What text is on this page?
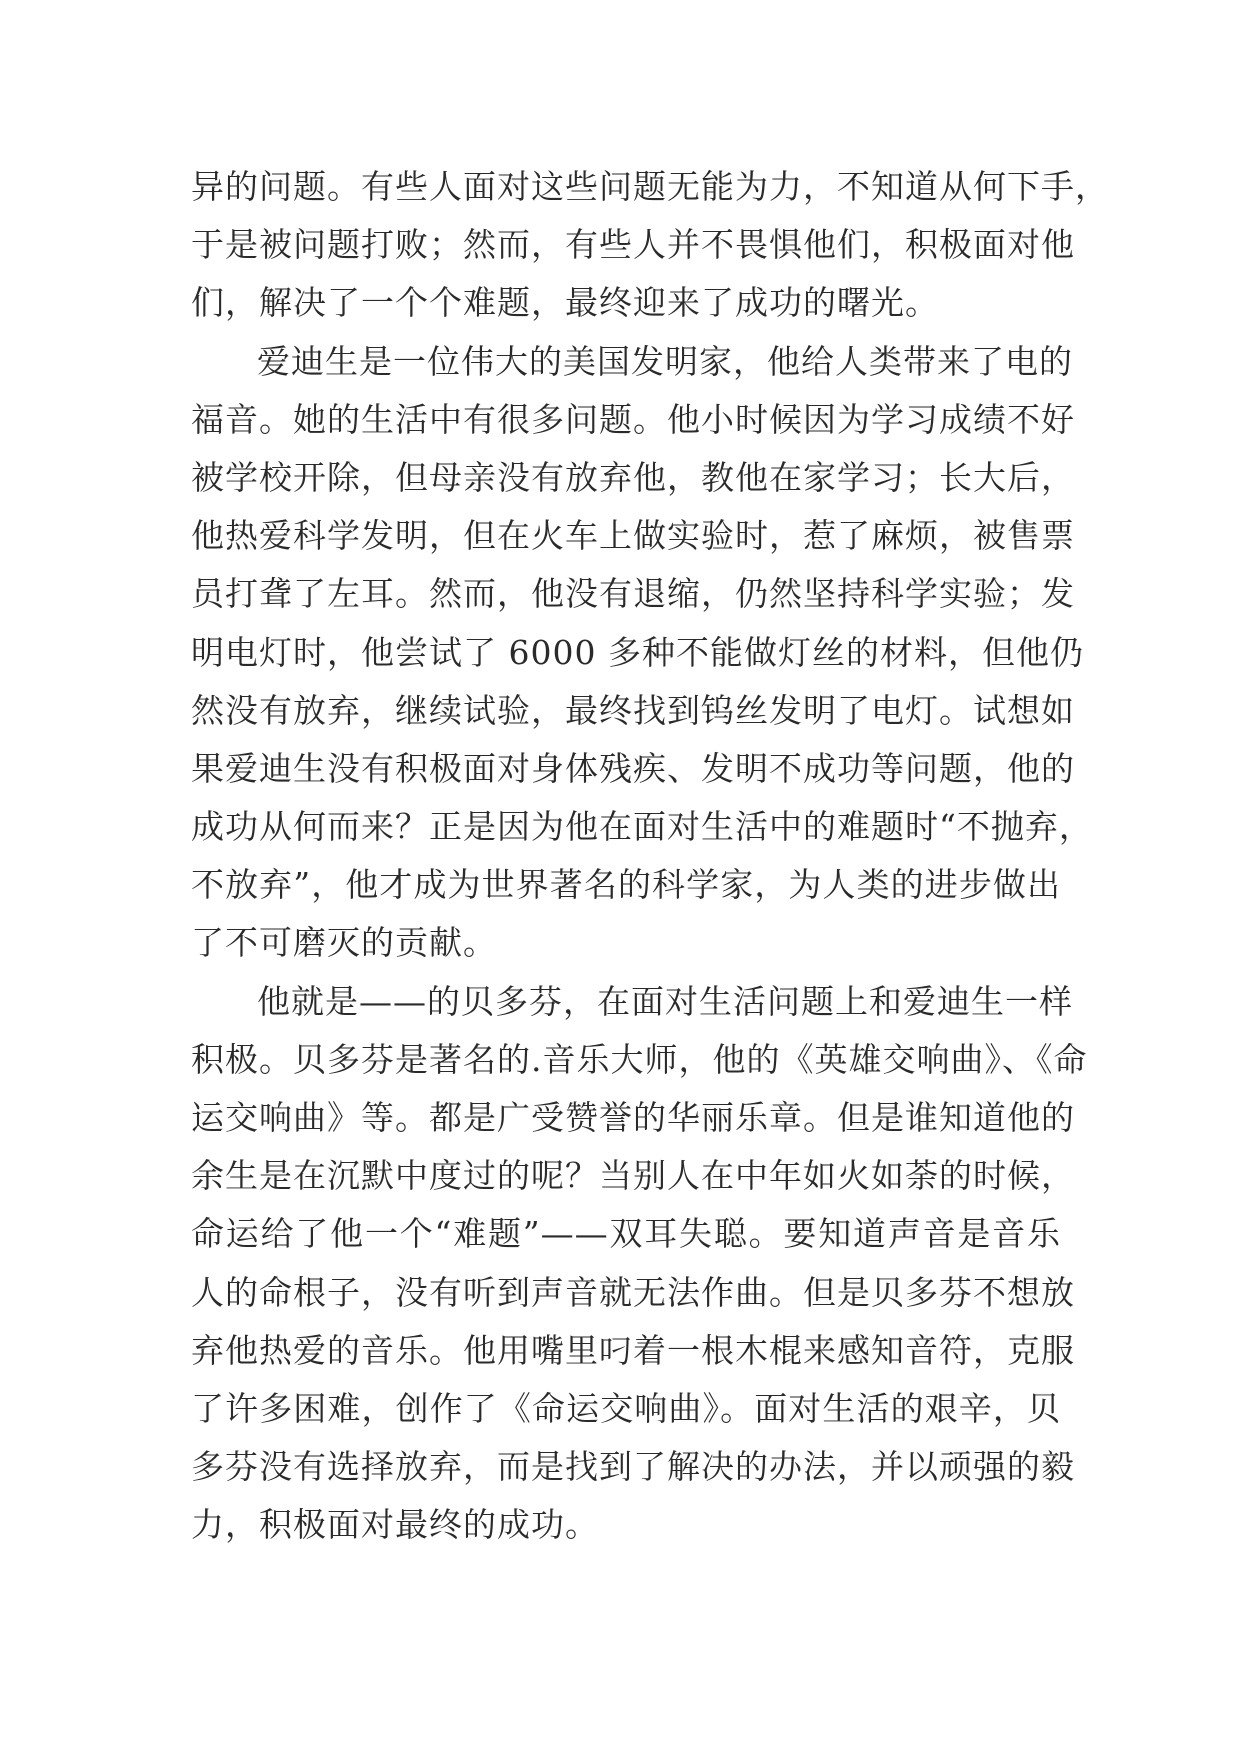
异的问题。有些人面对这些问题无能为力，不知道从何下手，
于是被问题打败；然而，有些人并不畏惧他们，积极面对他
们，解决了一个个难题，最终迎来了成功的曙光。
爱迪生是一位伟大的美国发明家，他给人类带来了电的
福音。她的生活中有很多问题。他小时候因为学习成绩不好
被学校开除，但母亲没有放弃他，教他在家学习；长大后，
他热爱科学发明，但在火车上做实验时，惹了麻烦，被售票
员打聋了左耳。然而，他没有退缩，仍然坚持科学实验；发
明电灯时，他尝试了 6000 多种不能做灯丝的材料，但他仍
然没有放弃，继续试验，最终找到钨丝发明了电灯。试想如
果爱迪生没有积极面对身体残疾、发明不成功等问题，他的
成功从何而来？正是因为他在面对生活中的难题时“不抛弃，
不放弃”，他才成为世界著名的科学家，为人类的进步做出
了不可磨灭的贡献。
他就是——的贝多芬，在面对生活问题上和爱迪生一样
积极。贝多芬是著名的.音乐大师，他的《英雄交响曲》、《命
运交响曲》等。都是广受赞誉的华丽乐章。但是谁知道他的
余生是在沉默中度过的呢？当别人在中年如火如荼的时候，
命运给了他一个“难题”——双耳失聪。要知道声音是音乐
人的命根子，没有听到声音就无法作曲。但是贝多芬不想放
弃他热爱的音乐。他用嘴里叼着一根木棍来感知音符，克服
了许多困难，创作了《命运交响曲》。面对生活的艰辛，贝
多芬没有选择放弃，而是找到了解决的办法，并以顽强的毅
力，积极面对最终的成功。
